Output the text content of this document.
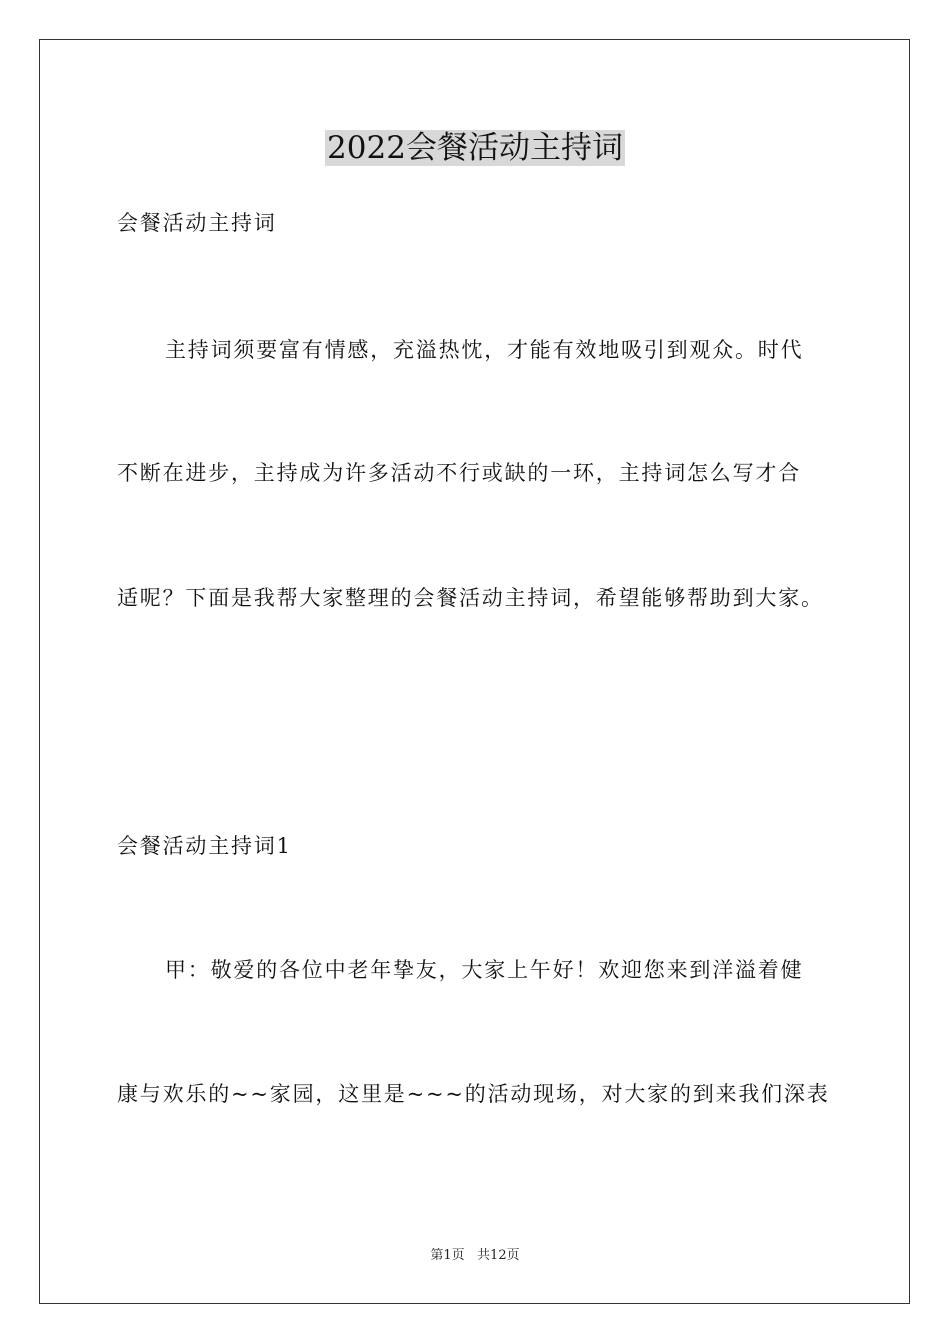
2022会餐活动主持词
会餐活动主持词
主持词须要富有情感，充溢热忱，才能有效地吸引到观众。时代
不断在进步，主持成为许多活动不行或缺的一环，主持词怎么写才合
适呢？下面是我帮大家整理的会餐活动主持词，希望能够帮助到大家。
会餐活动主持词1
甲：敬爱的各位中老年挚友，大家上午好！欢迎您来到洋溢着健
康与欢乐的~~家园，这里是~~~的活动现场，对大家的到来我们深表
第1页   共12页
